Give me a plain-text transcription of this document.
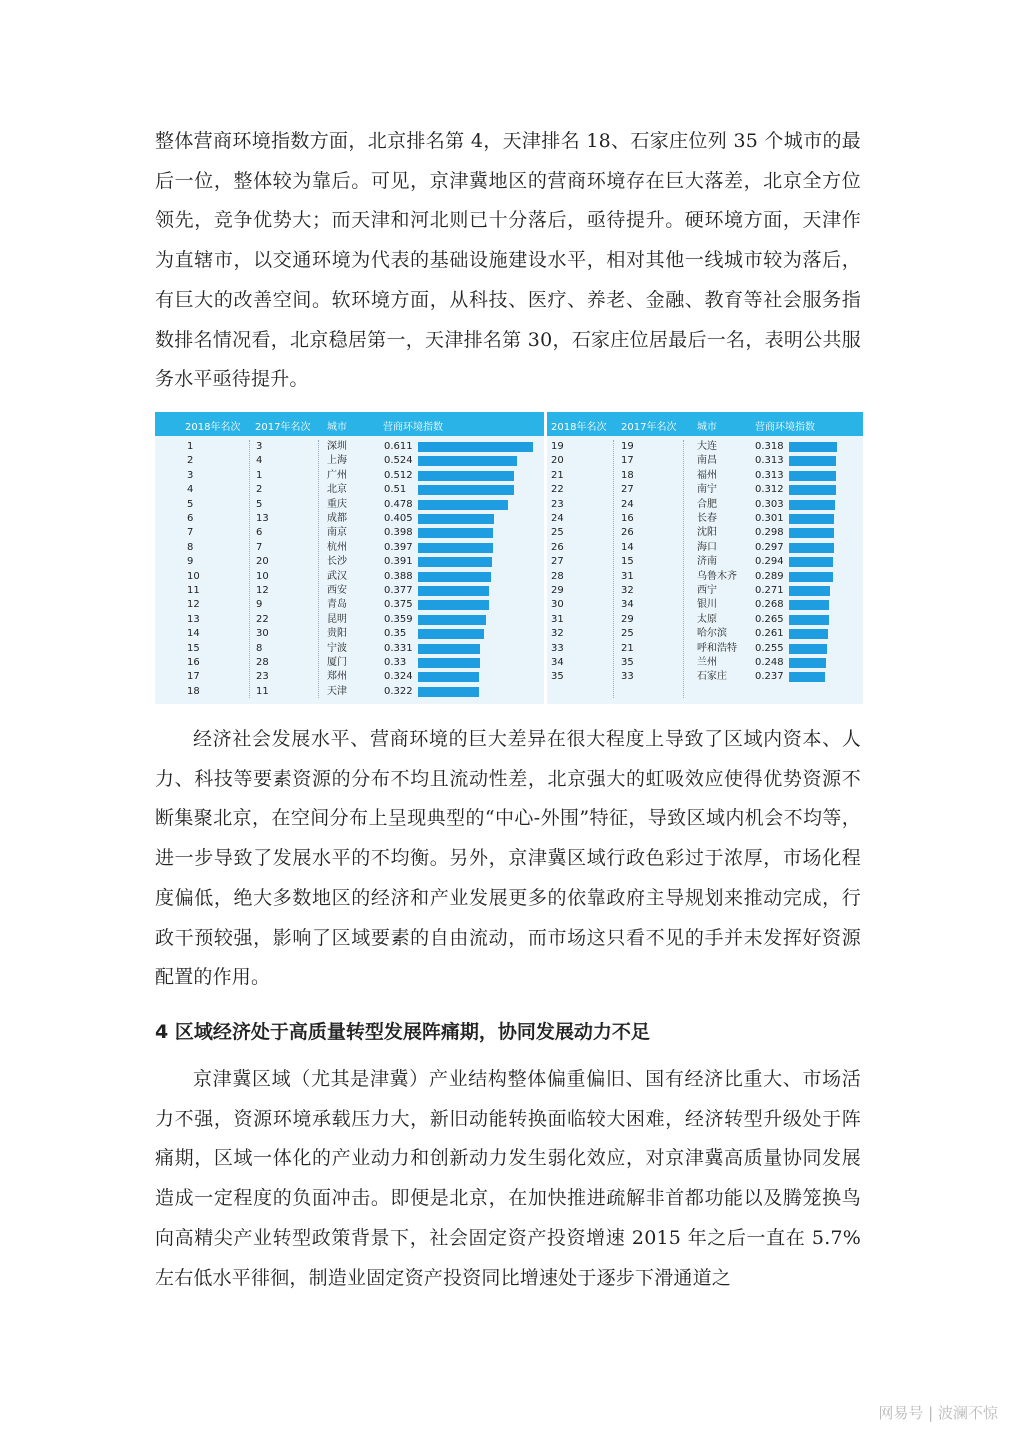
整体营商环境指数方面，北京排名第 4，天津排名 18、石家庄位列 35 个城市的最后一位，整体较为靠后。可见，京津冀地区的营商环境存在巨大落差，北京全方位领先，竞争优势大；而天津和河北则已十分落后，亟待提升。硬环境方面，天津作为直辖市，以交通环境为代表的基础设施建设水平，相对其他一线城市较为落后，有巨大的改善空间。软环境方面，从科技、医疗、养老、金融、教育等社会服务指数排名情况看，北京稳居第一，天津排名第 30，石家庄位居最后一名，表明公共服务水平亟待提升。

2018年名次 2017年名次 城市	营商环境指数
1	3	深圳	0.611
2	4	上海	0.524
3	1	广州	0.512
4	2	北京	0.51
5	5	重庆	0.478
6	13	成都	0.405
7	6	南京	0.398
8	7	杭州	0.397
9	20	长沙	0.391
10	10	武汉	0.388
11	12	西安	0.377
12	9	青岛	0.375
13	22	昆明	0.359
14	30	贵阳	0.35
15	8	宁波	0.331
16	28	厦门	0.33
17	23	郑州	0.324
18	11	天津	0.322
2018年名次 2017年名次 城市	营商环境指数
19	19	大连	0.318
20	17	南昌	0.313
21	18	福州	0.313
22	27	南宁	0.312
23	24	合肥	0.303
24	16	长春	0.301
25	26	沈阳	0.298
26	14	海口	0.297
27	15	济南	0.294
28	31	乌鲁木齐 0.289
29	32	西宁	0.271
30	34	银川	0.268
31	29	太原	0.265
32	25	哈尔滨	0.261
33	21	呼和浩特 0.255
34	35	兰州	0.248
35	33	石家庄	0.237

经济社会发展水平、营商环境的巨大差异在很大程度上导致了区域内资本、人力、科技等要素资源的分布不均且流动性差，北京强大的虹吸效应使得优势资源不断集聚北京，在空间分布上呈现典型的“中心-外围”特征，导致区域内机会不均等，进一步导致了发展水平的不均衡。另外，京津冀区域行政色彩过于浓厚，市场化程度偏低，绝大多数地区的经济和产业发展更多的依靠政府主导规划来推动完成，行政干预较强，影响了区域要素的自由流动，而市场这只看不见的手并未发挥好资源配置的作用。

4 区域经济处于高质量转型发展阵痛期，协同发展动力不足

京津冀区域（尤其是津冀）产业结构整体偏重偏旧、国有经济比重大、市场活力不强，资源环境承载压力大，新旧动能转换面临较大困难，经济转型升级处于阵痛期，区域一体化的产业动力和创新动力发生弱化效应，对京津冀高质量协同发展造成一定程度的负面冲击。即便是北京，在加快推进疏解非首都功能以及腾笼换鸟向高精尖产业转型政策背景下，社会固定资产投资增速 2015 年之后一直在 5.7%左右低水平徘徊，制造业固定资产投资同比增速处于逐步下滑通道之

网易号 | 波澜不惊
